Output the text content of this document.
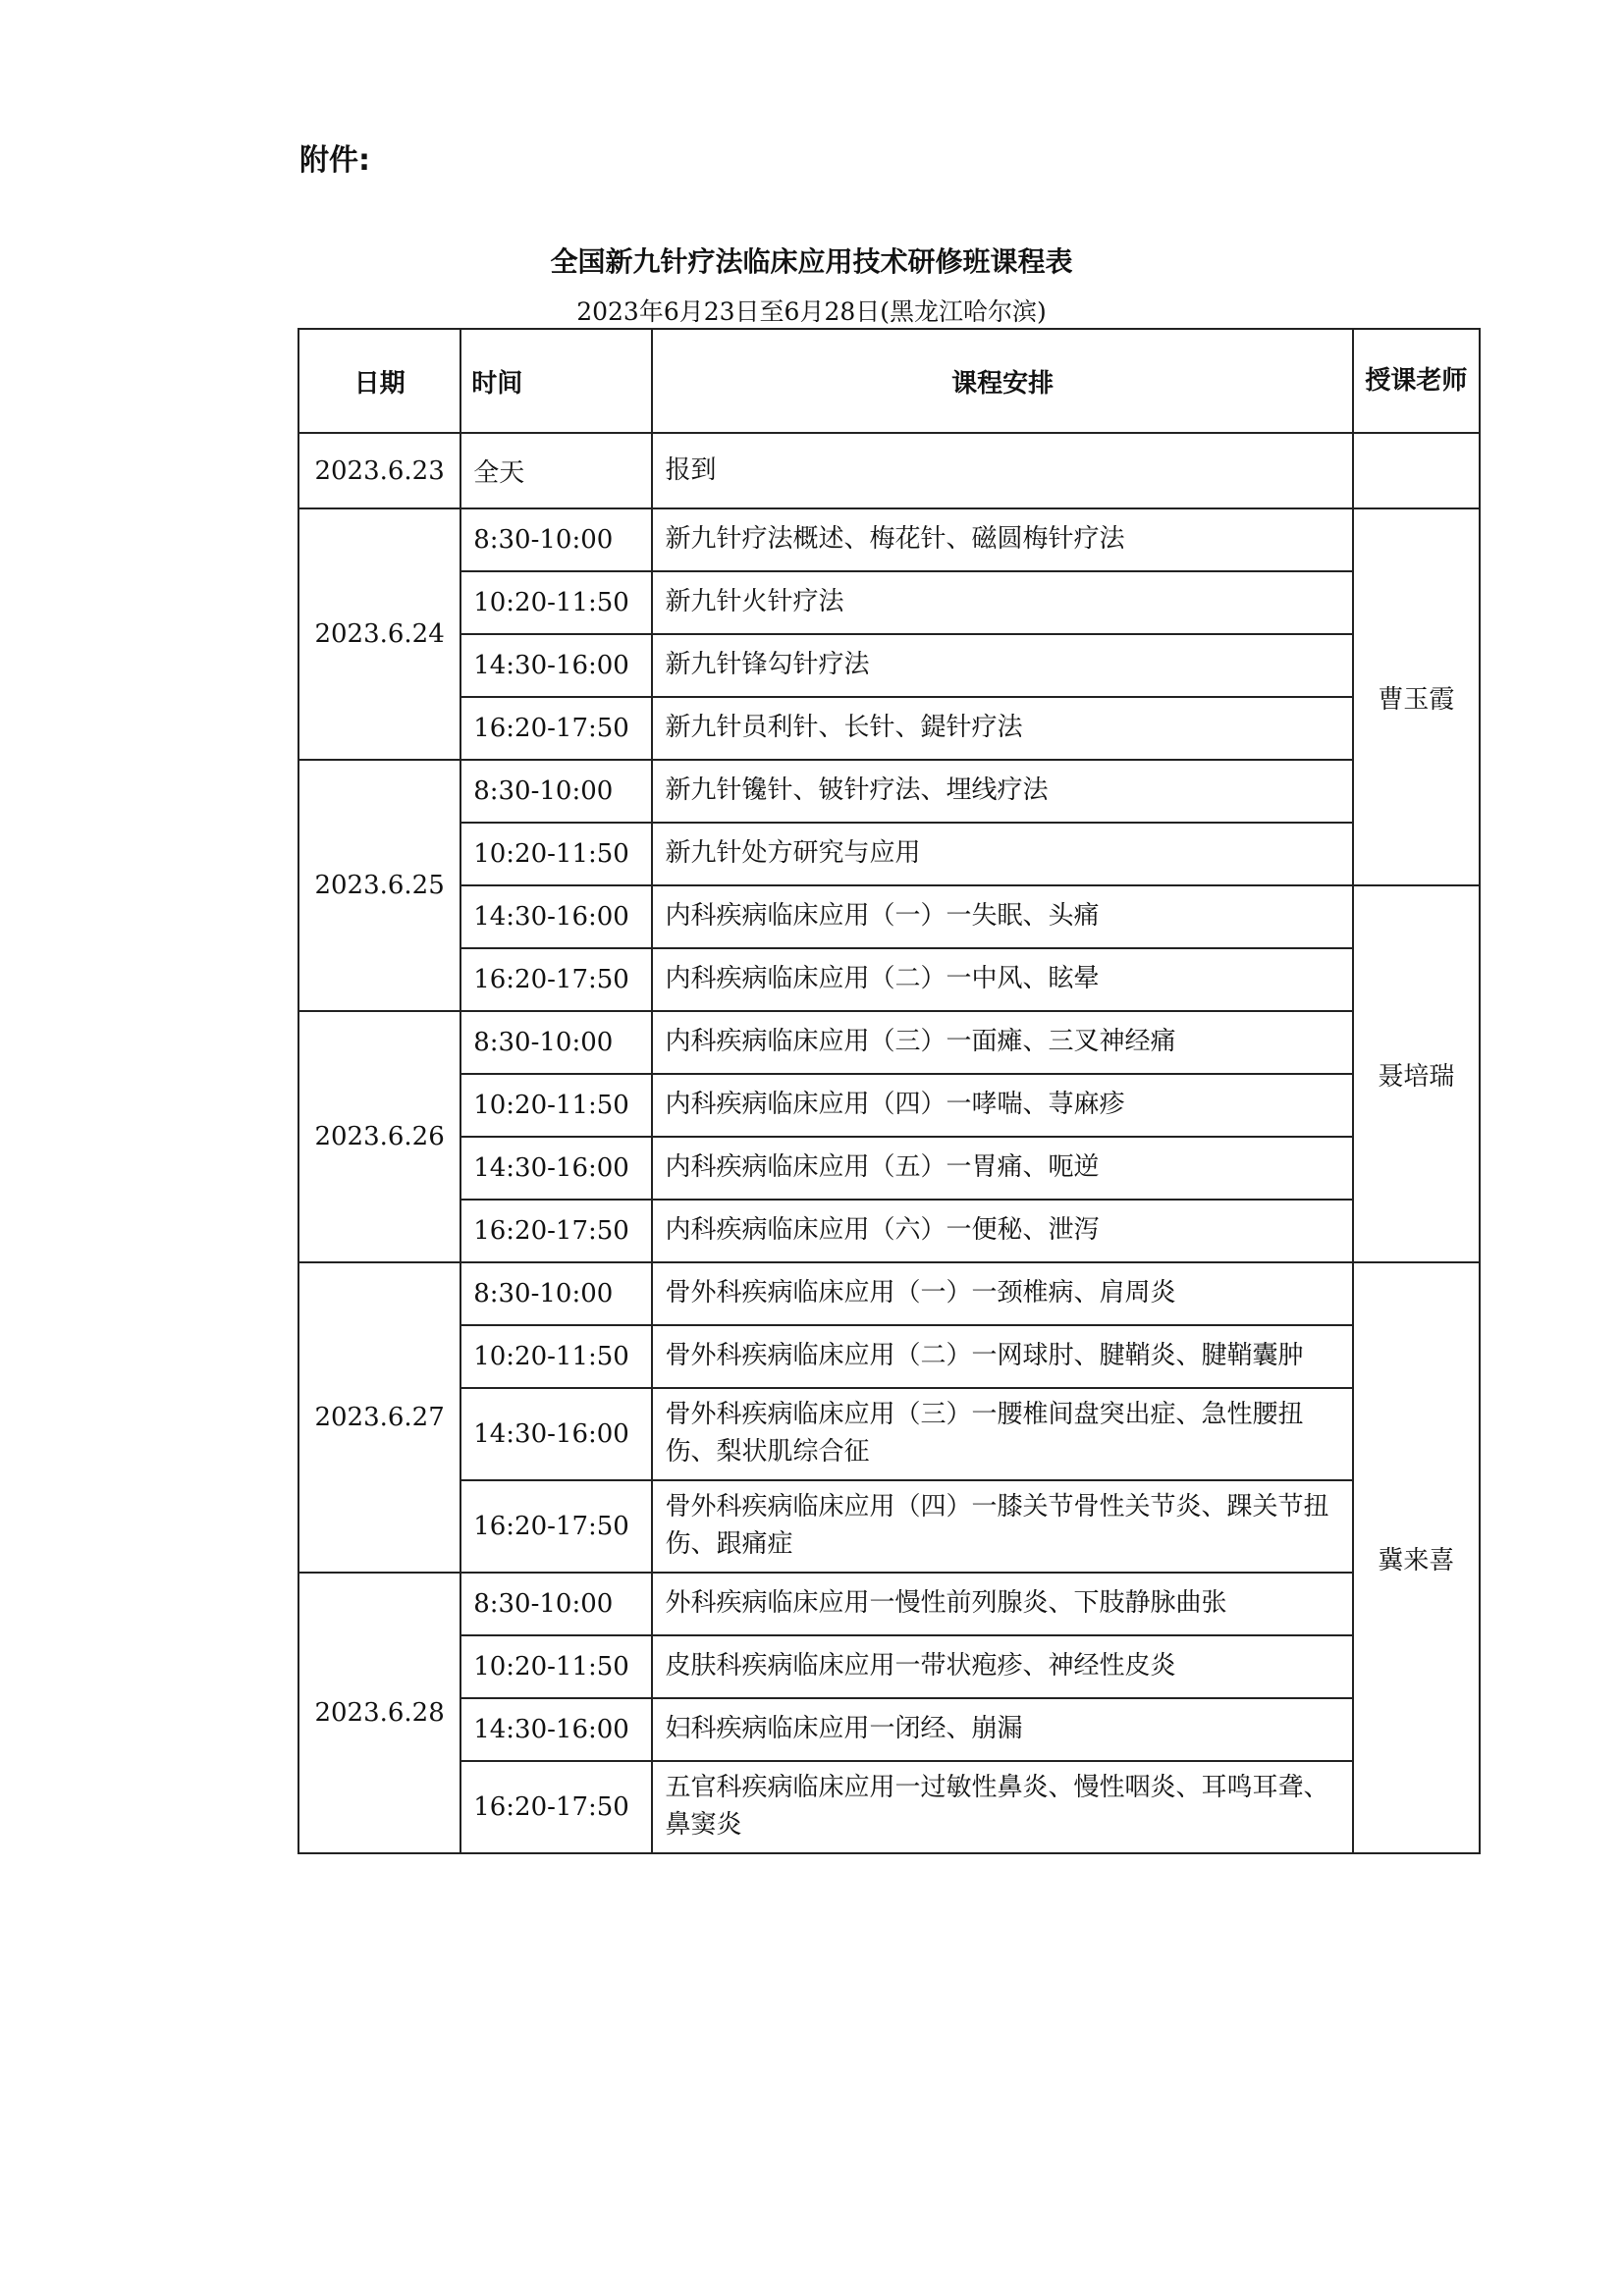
附件:
全国新九针疗法临床应用技术研修班课程表
2023年6月23日至6月28日(黑龙江哈尔滨)
日期	时间	课程安排	授课老师
2023.6.23	全天	报到	
2023.6.24	8:30-10:00	新九针疗法概述、梅花针、磁圆梅针疗法	曹玉霞
	10:20-11:50	新九针火针疗法	
	14:30-16:00	新九针锋勾针疗法	
	16:20-17:50	新九针员利针、长针、鍉针疗法	
2023.6.25	8:30-10:00	新九针镵针、铍针疗法、埋线疗法	
	10:20-11:50	新九针处方研究与应用	
	14:30-16:00	内科疾病临床应用（一）一失眠、头痛	聂培瑞
	16:20-17:50	内科疾病临床应用（二）一中风、眩晕	
2023.6.26	8:30-10:00	内科疾病临床应用（三）一面瘫、三叉神经痛	
	10:20-11:50	内科疾病临床应用（四）一哮喘、荨麻疹	
	14:30-16:00	内科疾病临床应用（五）一胃痛、呃逆	
	16:20-17:50	内科疾病临床应用（六）一便秘、泄泻	
2023.6.27	8:30-10:00	骨外科疾病临床应用（一）一颈椎病、肩周炎	冀来喜
	10:20-11:50	骨外科疾病临床应用（二）一网球肘、腱鞘炎、腱鞘囊肿	
	14:30-16:00	骨外科疾病临床应用（三）一腰椎间盘突出症、急性腰扭伤、梨状肌综合征	
	16:20-17:50	骨外科疾病临床应用（四）一膝关节骨性关节炎、踝关节扭伤、跟痛症	
2023.6.28	8:30-10:00	外科疾病临床应用一慢性前列腺炎、下肢静脉曲张	
	10:20-11:50	皮肤科疾病临床应用一带状疱疹、神经性皮炎	
	14:30-16:00	妇科疾病临床应用一闭经、崩漏	
	16:20-17:50	五官科疾病临床应用一过敏性鼻炎、慢性咽炎、耳鸣耳聋、鼻窦炎	
